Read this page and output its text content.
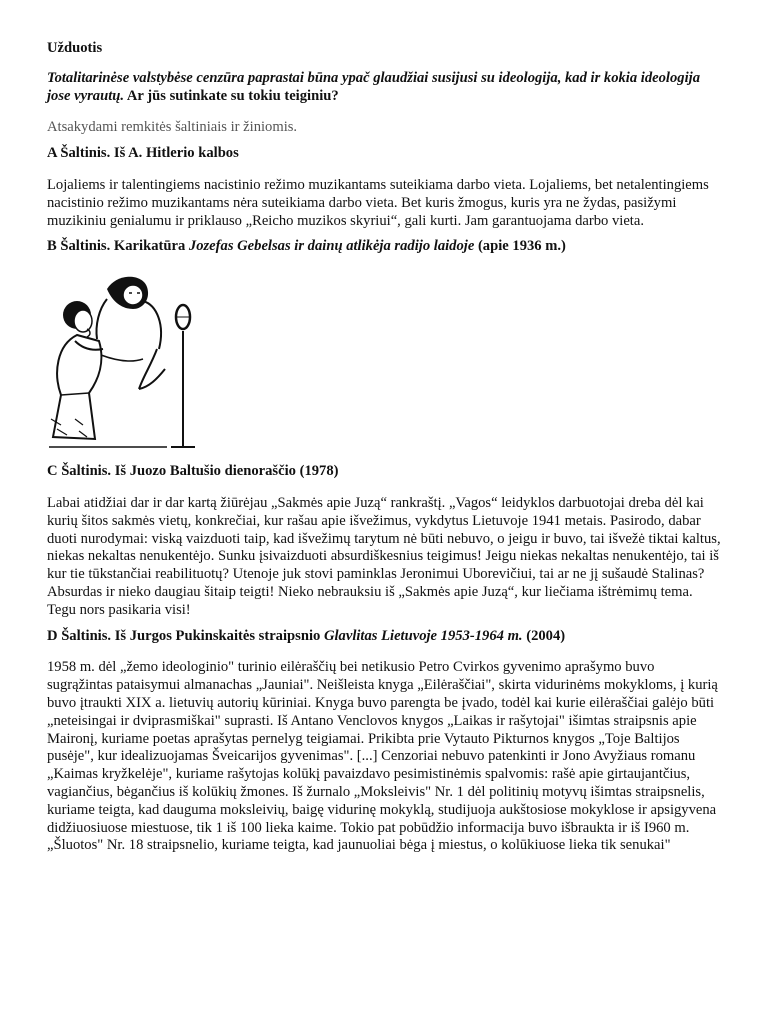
Užduotis

Totalitarinėse valstybėse cenzūra paprastai būna ypač glaudžiai susijusi su ideologija, kad ir kokia ideologija jose vyrautų. Ar jūs sutinkate su tokiu teiginiu?

Atsakydami remkitės šaltiniais ir žiniomis.

A Šaltinis. Iš A. Hitlerio kalbos

Lojaliems ir talentingiems nacistinio režimo muzikantams suteikiama darbo vieta. Lojaliems, bet netalentingiems nacistinio režimo muzikantams nėra suteikiama darbo vieta. Bet kuris žmogus, kuris yra ne žydas, pasižymi muzikiniu genialumu ir priklauso „Reicho muzikos skyriui“, gali kurti. Jam garantuojama darbo vieta.

B Šaltinis. Karikatūra Jozefas Gebelsas ir dainų atlikėja radijo laidoje (apie 1936 m.)

C Šaltinis. Iš Juozo Baltušio dienoraščio (1978)

Labai atidžiai dar ir dar kartą žiūrėjau „Sakmės apie Juzą“ rankraštį. „Vagos“ leidyklos darbuotojai dreba dėl kai kurių šitos sakmės vietų, konkrečiai, kur rašau apie išvežimus, vykdytus Lietuvoje 1941 metais. Pasirodo, dabar duoti nurodymai: viską vaizduoti taip, kad išvežimų tarytum nė būti nebuvo, o jeigu ir buvo, tai išvežė tiktai kaltus, niekas nekaltas nenukentėjo. Sunku įsivaizduoti absurdiškesnius teigimus! Jeigu niekas nekaltas nenukentėjo, tai iš kur tie tūkstančiai reabilituotų? Utenoje juk stovi paminklas Jeronimui Uborevičiui, tai ar ne jį sušaudė Stalinas? Absurdas ir nieko daugiau šitaip teigti! Nieko nebrauksiu iš „Sakmės apie Juzą“, kur liečiama ištrėmimų tema. Tegu nors pasikaria visi!

D Šaltinis. Iš Jurgos Pukinskaitės straipsnio Glavlitas Lietuvoje 1953-1964 m. (2004)

1958 m. dėl „žemo ideologinio" turinio eilėraščių bei netikusio Petro Cvirkos gyvenimo aprašymo buvo sugrąžintas pataisymui almanachas „Jauniai". Neišleista knyga „Eilėraščiai", skirta vidurinėms mokykloms, į kurią buvo įtraukti XIX a. lietuvių autorių kūriniai. Knyga buvo parengta be įvado, todėl kai kurie eilėraščiai galėjo būti „neteisingai ir dviprasmiškai" suprasti. Iš Antano Venclovos knygos „Laikas ir rašytojai" išimtas straipsnis apie Maironį, kuriame poetas aprašytas pernelyg teigiamai. Prikibta prie Vytauto Pikturnos knygos „Toje Baltijos pusėje", kur idealizuojamas Šveicarijos gyvenimas". [...] Cenzoriai nebuvo patenkinti ir Jono Avyžiaus romanu „Kaimas kryžkelėje", kuriame rašytojas kolūkį pavaizdavo pesimistinėmis spalvomis: rašė apie girtaujantčius, vagiančius, bėgančius iš kolūkių žmones. Iš žurnalo „Moksleivis" Nr. 1 dėl politinių motyvų išimtas straipsnelis, kuriame teigta, kad dauguma moksleivių, baigę vidurinę mokyklą, studijuoja aukštosiose mokyklose ir apsigyvena didžiuosiuose miestuose, tik 1 iš 100 lieka kaime. Tokio pat pobūdžio informacija buvo išbraukta ir iš I960 m. „Šluotos" Nr. 18 straipsnelio, kuriame teigta, kad jaunuoliai bėga į miestus, o kolūkiuose lieka tik senukai"
